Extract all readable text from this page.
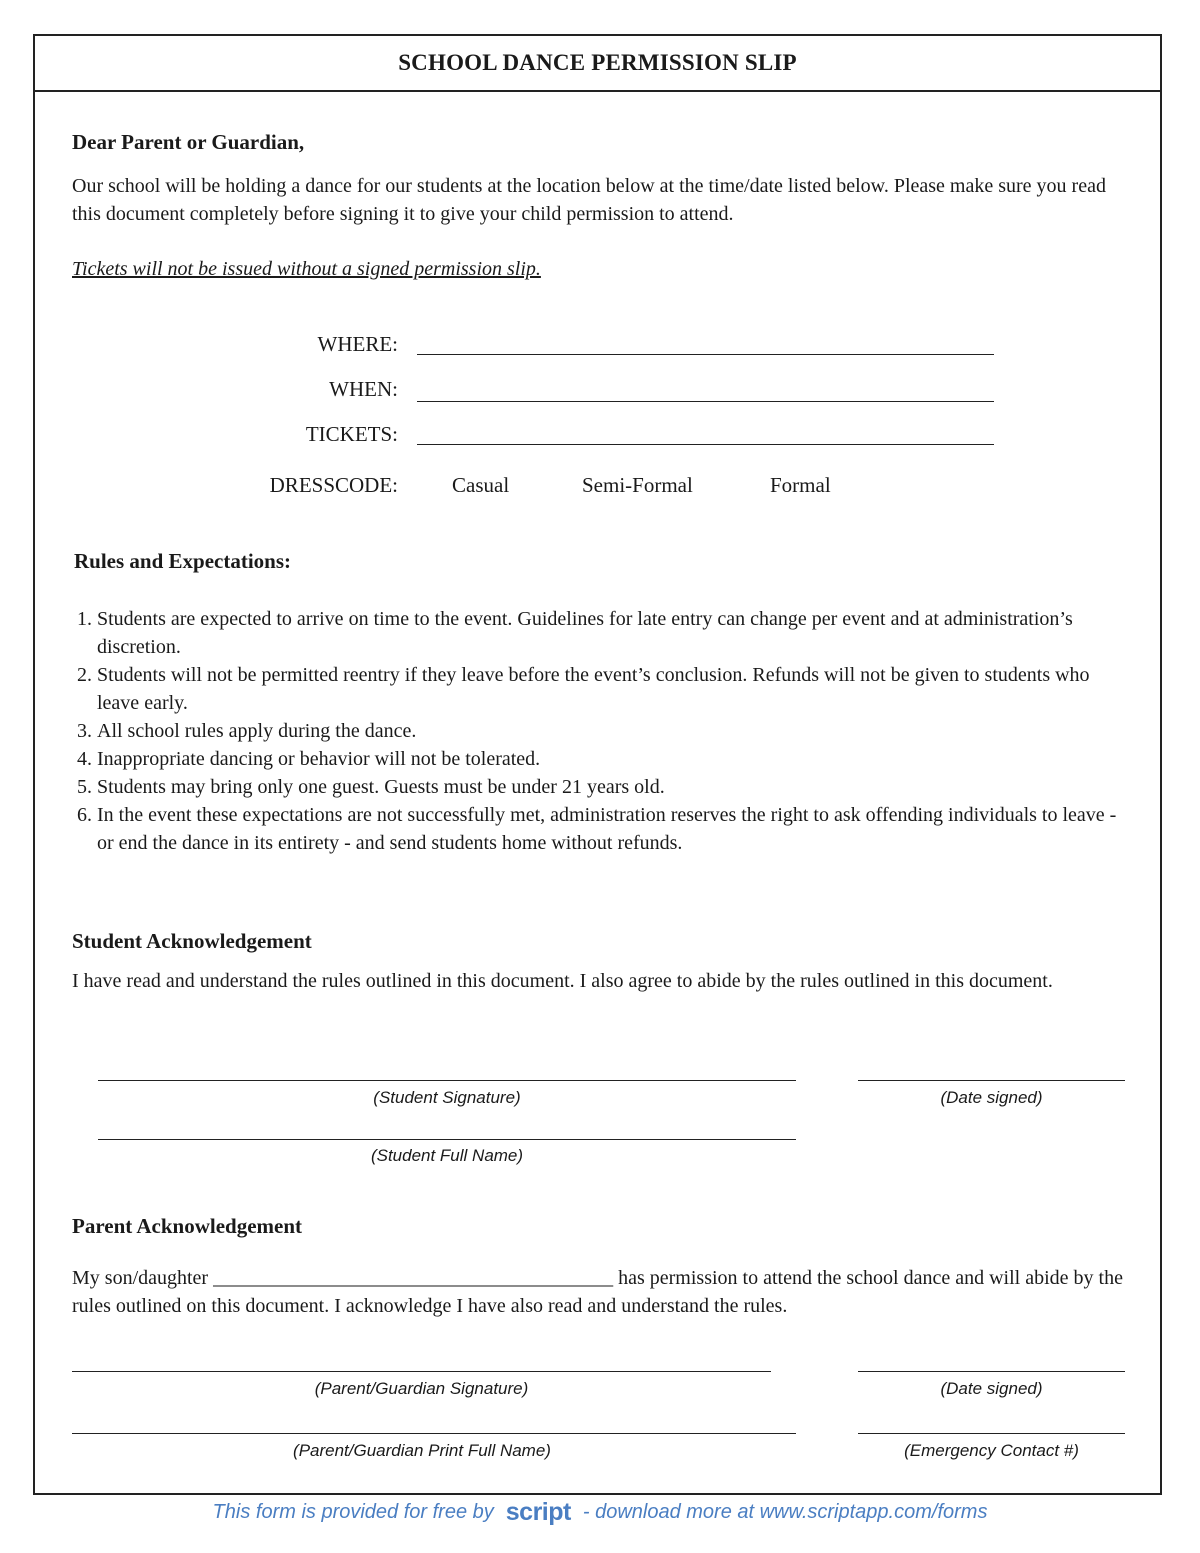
SCHOOL DANCE PERMISSION SLIP
Dear Parent or Guardian,
Our school will be holding a dance for our students at the location below at the time/date listed below. Please make sure you read this document completely before signing it to give your child permission to attend.
Tickets will not be issued without a signed permission slip.
WHERE:
WHEN:
TICKETS:
DRESSCODE:	Casual	Semi-Formal	Formal
Rules and Expectations:
1. Students are expected to arrive on time to the event. Guidelines for late entry can change per event and at administration’s discretion.
2. Students will not be permitted reentry if they leave before the event’s conclusion. Refunds will not be given to students who leave early.
3. All school rules apply during the dance.
4. Inappropriate dancing or behavior will not be tolerated.
5. Students may bring only one guest. Guests must be under 21 years old.
6. In the event these expectations are not successfully met, administration reserves the right to ask offending individuals to leave - or end the dance in its entirety - and send students home without refunds.
Student Acknowledgement
I have read and understand the rules outlined in this document. I also agree to abide by the rules outlined in this document.
(Student Signature)	(Date signed)
(Student Full Name)
Parent Acknowledgement
My son/daughter ________________________________________ has permission to attend the school dance and will abide by the rules outlined on this document. I acknowledge I have also read and understand the rules.
(Parent/Guardian Signature)	(Date signed)
(Parent/Guardian Print Full Name)	(Emergency Contact #)
This form is provided for free by script - download more at www.scriptapp.com/forms
